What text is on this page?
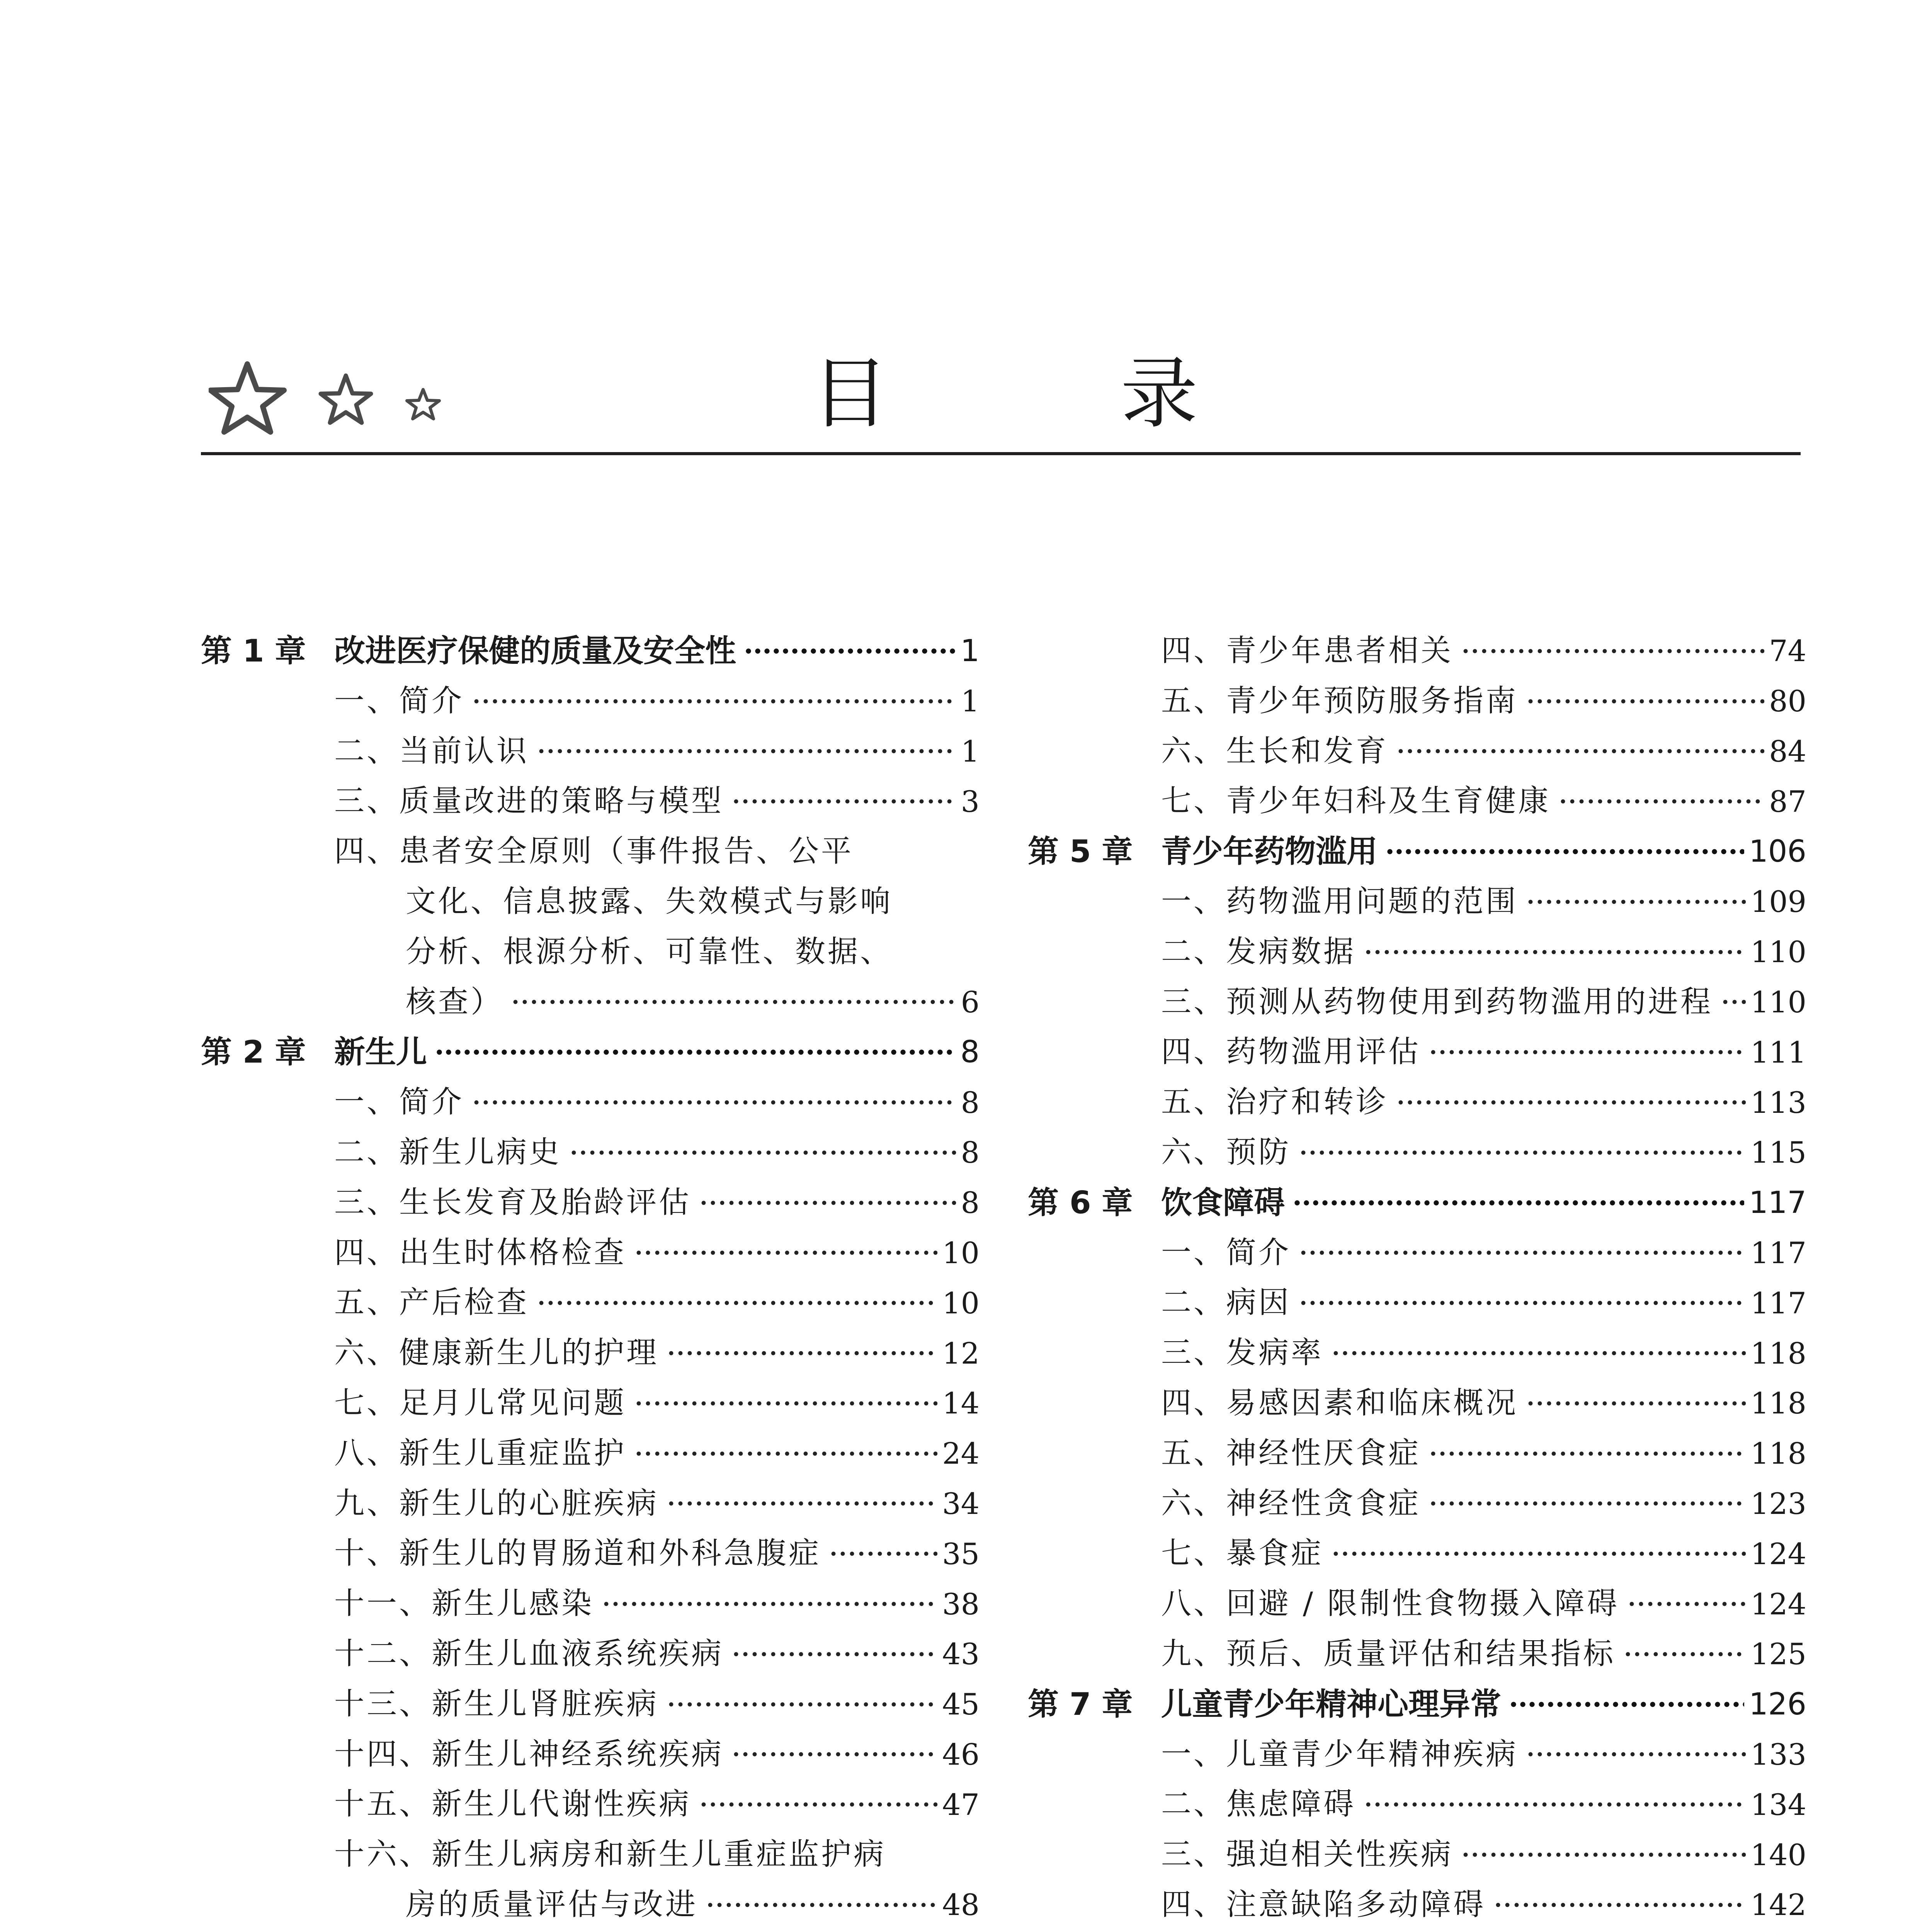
目	录
第 1 章 改进医疗保健的质量及安全性	1
一、简介	1
二、当前认识	1
三、质量改进的策略与模型	3
四、患者安全原则（事件报告、公平
文化、信息披露、失效模式与影响
分析、根源分析、可靠性、数据、
核查）	6
第 2 章 新生儿	8
一、简介	8
二、新生儿病史	8
三、生长发育及胎龄评估	8
四、出生时体格检查	10
五、产后检查	10
六、健康新生儿的护理	12
七、足月儿常见问题	14
八、新生儿重症监护	24
九、新生儿的心脏疾病	34
十、新生儿的胃肠道和外科急腹症	35
十一、新生儿感染	38
十二、新生儿血液系统疾病	43
十三、新生儿肾脏疾病	45
十四、新生儿神经系统疾病	46
十五、新生儿代谢性疾病	47
十六、新生儿病房和新生儿重症监护病
房的质量评估与改进	48
四、青少年患者相关	74
五、青少年预防服务指南	80
六、生长和发育	84
七、青少年妇科及生育健康	87
第 5 章 青少年药物滥用	106
一、药物滥用问题的范围	109
二、发病数据	110
三、预测从药物使用到药物滥用的进程 110
四、药物滥用评估	111
五、治疗和转诊	113
六、预防	115
第 6 章 饮食障碍	117
一、简介	117
二、病因	117
三、发病率	118
四、易感因素和临床概况	118
五、神经性厌食症	118
六、神经性贪食症	123
七、暴食症	124
八、回避 / 限制性食物摄入障碍	124
九、预后、质量评估和结果指标	125
第 7 章 儿童青少年精神心理异常	126
一、儿童青少年精神疾病	133
二、焦虑障碍	134
三、强迫相关性疾病	140
四、注意缺陷多动障碍	142
